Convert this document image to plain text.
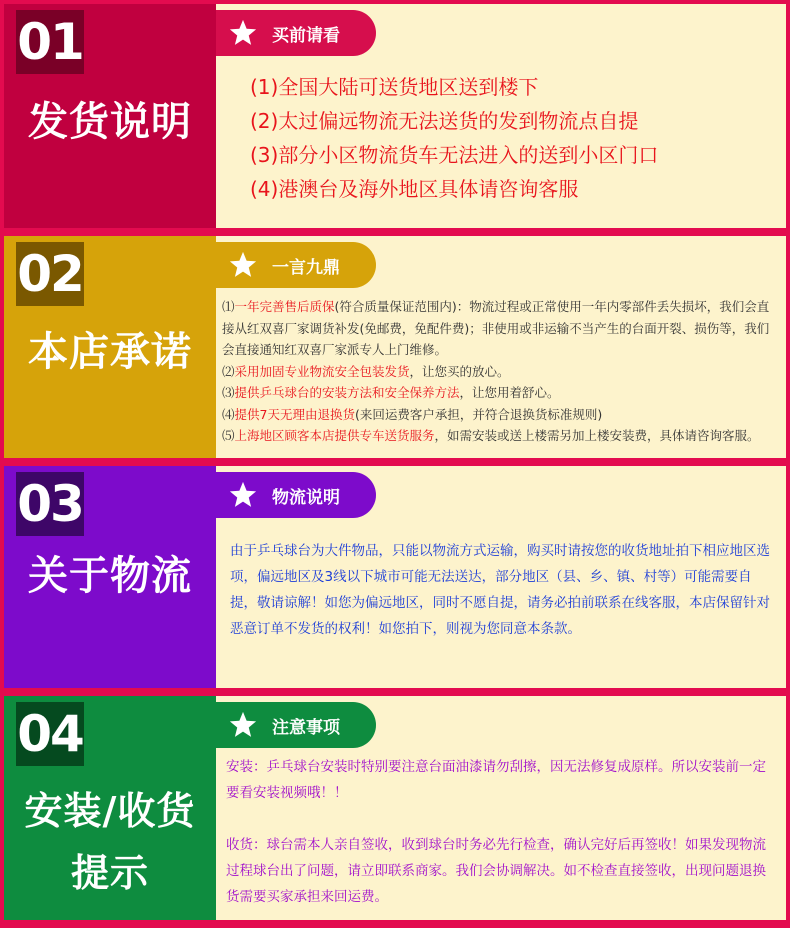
01
发货说明
买前请看
(1)全国大陆可送货地区送到楼下
(2)太过偏远物流无法送货的发到物流点自提
(3)部分小区物流货车无法进入的送到小区门口
(4)港澳台及海外地区具体请咨询客服
02
本店承诺
一言九鼎
⑴一年完善售后质保(符合质量保证范围内)：物流过程或正常使用一年内零部件丢失损坏，我们会直接从红双喜厂家调货补发(免邮费，免配件费)；非使用或非运输不当产生的台面开裂、损伤等，我们会直接通知红双喜厂家派专人上门维修。
⑵采用加固专业物流安全包装发货，让您买的放心。
⑶提供乒乓球台的安装方法和安全保养方法，让您用着舒心。
⑷提供7天无理由退换货(来回运费客户承担，并符合退换货标准规则)
⑸上海地区顾客本店提供专车送货服务，如需安装或送上楼需另加上楼安装费，具体请咨询客服。
03
关于物流
物流说明
由于乒乓球台为大件物品，只能以物流方式运输，购买时请按您的收货地址拍下相应地区选项，偏远地区及3线以下城市可能无法送达，部分地区（县、乡、镇、村等）可能需要自提，敬请谅解！如您为偏远地区，同时不愿自提，请务必拍前联系在线客服，本店保留针对恶意订单不发货的权利！如您拍下，则视为您同意本条款。
04
安装/收货
提示
注意事项
安装：乒乓球台安装时特别要注意台面油漆请勿刮擦，因无法修复成原样。所以安装前一定要看安装视频哦！！
收货：球台需本人亲自签收，收到球台时务必先行检查，确认完好后再签收！如果发现物流过程球台出了问题，请立即联系商家。我们会协调解决。如不检查直接签收，出现问题退换货需要买家承担来回运费。
